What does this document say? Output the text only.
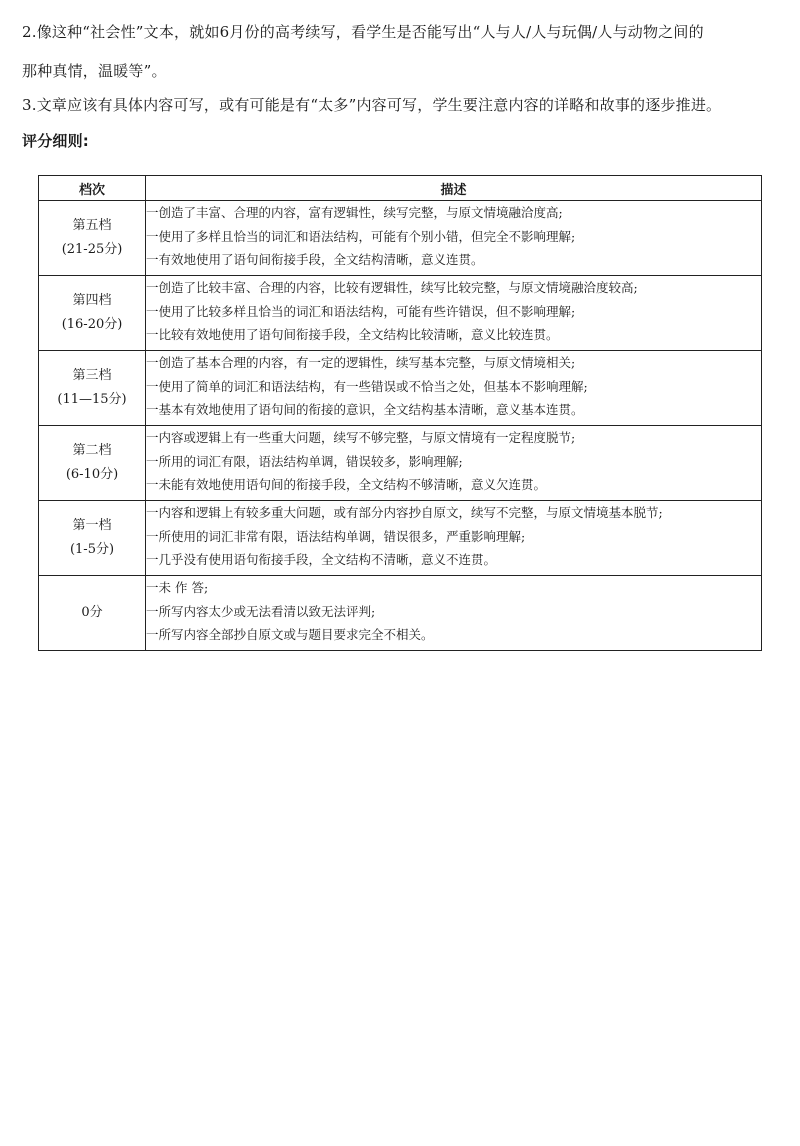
2.像这种“社会性”文本，就如6月份的高考续写，看学生是否能写出“人与人/人与玩偶/人与动物之间的

那种真情，温暖等”。

3.文章应该有具体内容可写，或有可能是有“太多”内容可写，学生要注意内容的详略和故事的逐步推进。

评分细则:

档次	描述

第五档
(21-25分)	一创造了丰富、合理的内容，富有逻辑性，续写完整，与原文情境融洽度高;
一使用了多样且恰当的词汇和语法结构，可能有个别小错，但完全不影响理解;
一有效地使用了语句间衔接手段，全文结构清晰，意义连贯。

第四档
(16-20分)	一创造了比较丰富、合理的内容，比较有逻辑性，续写比较完整，与原文情境融洽度较高;
一使用了比较多样且恰当的词汇和语法结构，可能有些许错误，但不影响理解;
一比较有效地使用了语句间衔接手段，全文结构比较清晰，意义比较连贯。

第三档
(11—15分)	一创造了基本合理的内容，有一定的逻辑性，续写基本完整，与原文情境相关;
一使用了简单的词汇和语法结构，有一些错误或不恰当之处，但基本不影响理解;
一基本有效地使用了语句间的衔接的意识，全文结构基本清晰，意义基本连贯。

第二档
(6-10分)	一内容或逻辑上有一些重大问题，续写不够完整，与原文情境有一定程度脱节;
一所用的词汇有限，语法结构单调，错误较多，影响理解;
一未能有效地使用语句间的衔接手段，全文结构不够清晰，意义欠连贯。

第一档
(1-5分)	一内容和逻辑上有较多重大问题，或有部分内容抄自原文，续写不完整，与原文情境基本脱节;
一所使用的词汇非常有限，语法结构单调，错误很多，严重影响理解;
一几乎没有使用语句衔接手段，全文结构不清晰，意义不连贯。

0分	一未 作 答;
一所写内容太少或无法看清以致无法评判;
一所写内容全部抄自原文或与题目要求完全不相关。
